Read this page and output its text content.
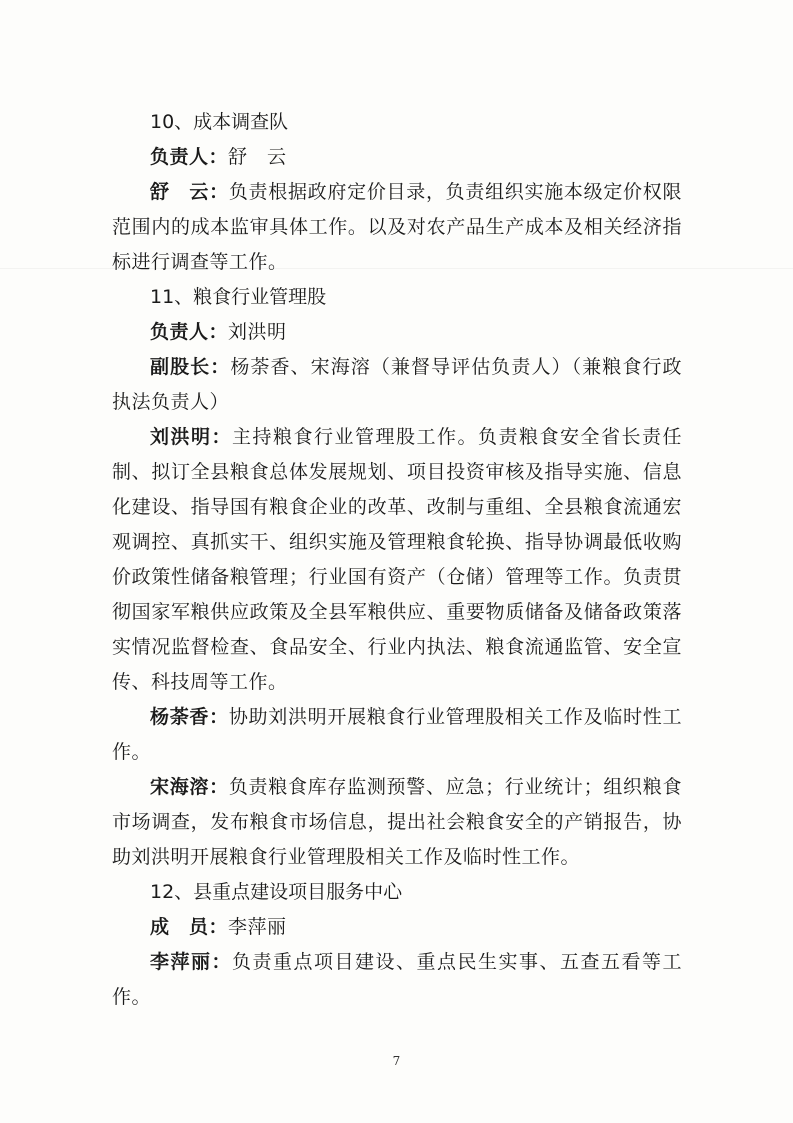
10、成本调查队

负责人：舒　云

舒　云：负责根据政府定价目录，负责组织实施本级定价权限范围内的成本监审具体工作。以及对农产品生产成本及相关经济指标进行调查等工作。

11、粮食行业管理股

负责人：刘洪明

副股长：杨荼香、宋海溶（兼督导评估负责人）（兼粮食行政执法负责人）

刘洪明：主持粮食行业管理股工作。负责粮食安全省长责任制、拟订全县粮食总体发展规划、项目投资审核及指导实施、信息化建设、指导国有粮食企业的改革、改制与重组、全县粮食流通宏观调控、真抓实干、组织实施及管理粮食轮换、指导协调最低收购价政策性储备粮管理；行业国有资产（仓储）管理等工作。负责贯彻国家军粮供应政策及全县军粮供应、重要物质储备及储备政策落实情况监督检查、食品安全、行业内执法、粮食流通监管、安全宣传、科技周等工作。

杨荼香：协助刘洪明开展粮食行业管理股相关工作及临时性工作。

宋海溶：负责粮食库存监测预警、应急；行业统计；组织粮食市场调查，发布粮食市场信息，提出社会粮食安全的产销报告，协助刘洪明开展粮食行业管理股相关工作及临时性工作。

12、县重点建设项目服务中心

成　员：李萍丽

李萍丽：负责重点项目建设、重点民生实事、五查五看等工作。

7
